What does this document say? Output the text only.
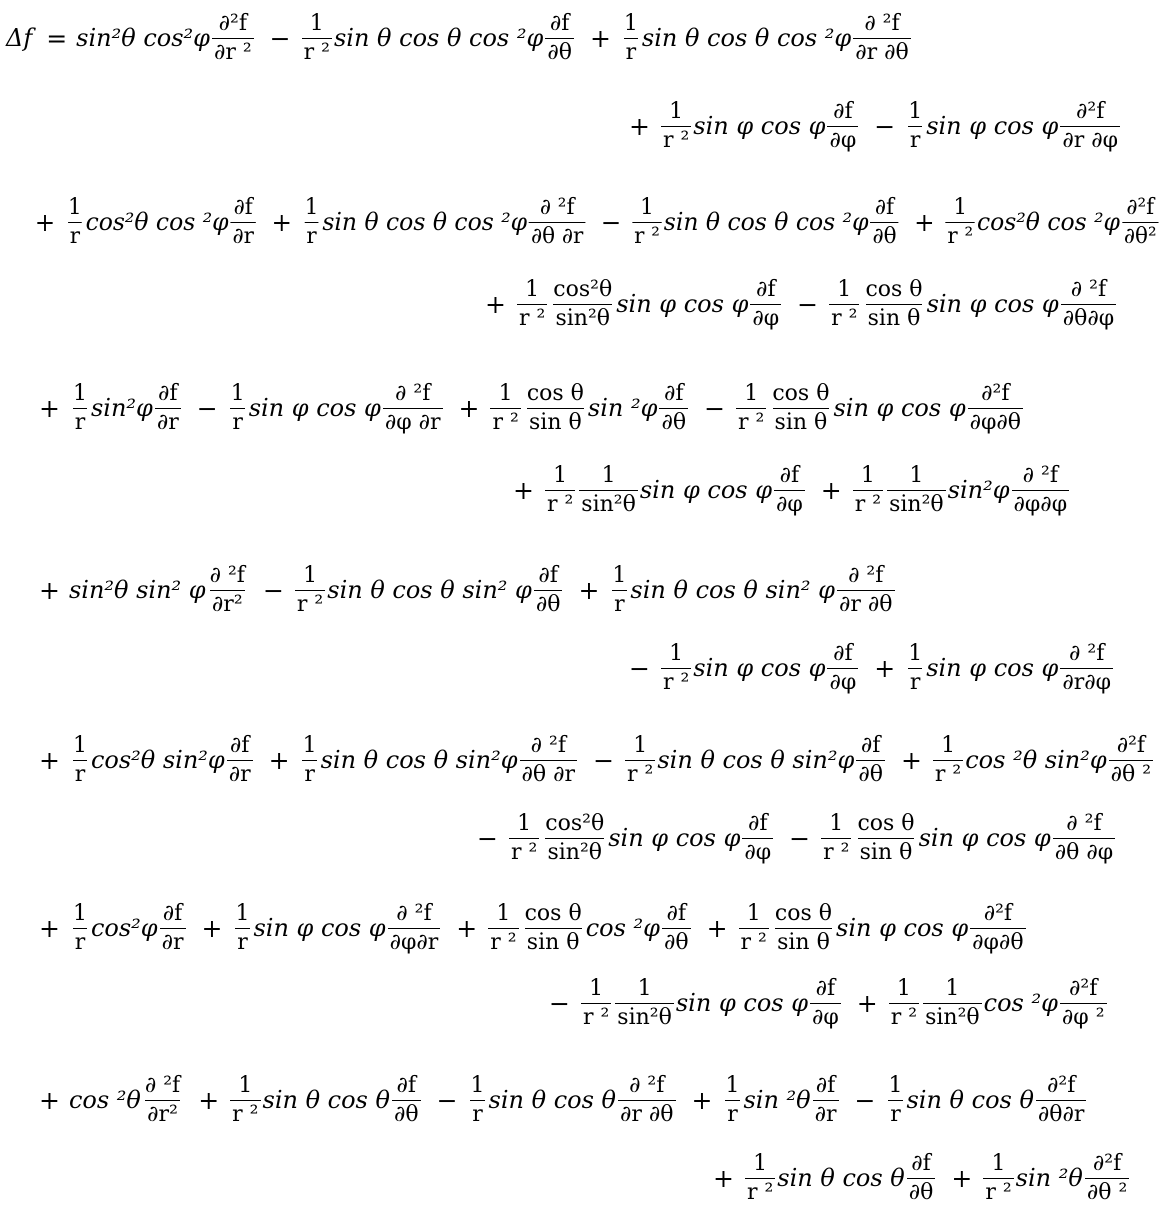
Δf = sin²θ $\cos^2\varphi \frac{\text{∂²f}}{\text{∂r ²}} - \frac{1}{\text{r ²}}$ sin θ cos θ $\cos ^2\varphi \frac{\partial f}{\partial\theta} + \frac{1}{r}$ sin θ cos θ $\cos ^2\varphi \frac{\text{∂ ²f}}{\partial r \partial\theta}$
+ $\frac{1}{\text{r ²}}$ sin φ cos φ $\frac{\partial f}{\partial\varphi} - \frac{1}{r}$ sin φ cos φ $\frac{\text{∂²f}}{\partial r \partial\varphi}$
+ $\frac{1}{r} \cos^2\theta$ $\cos ^2\varphi \frac{\partial f}{\partial r} + \frac{1}{r}$ sin θ cos θ $\cos ^2\varphi \frac{\text{∂ ²f}}{\partial\theta \partial r} - \frac{1}{\text{r ²}}$ sin θ cos θ $\cos ^2\varphi \frac{\partial f}{\partial\theta} + \frac{1}{\text{r ²}} \cos^2\theta$ $\cos ^2\varphi \frac{\text{∂²f}}{\text{∂θ²}}$
+ $\frac{1}{\text{r ²}} \frac{\text{cos²θ}}{\text{sin²θ}}$ sin φ cos φ $\frac{\partial f}{\partial\varphi} - \frac{1}{\text{r ²}} \frac{\text{cos θ}}{\text{sin θ}}$ sin φ cos φ $\frac{\text{∂ ²f}}{\partial\theta\partial\varphi}$
+ $\frac{1}{r} \sin^2\varphi \frac{\partial f}{\partial r} - \frac{1}{r}$ sin φ cos φ $\frac{\text{∂ ²f}}{\partial\varphi \partial r} + \frac{1}{\text{r ²}} \frac{\text{cos θ}}{\text{sin θ}}$ $\sin ^2\varphi \frac{\partial f}{\partial\theta} - \frac{1}{\text{r ²}} \frac{\text{cos θ}}{\text{sin θ}}$ sin φ cos φ $\frac{\text{∂²f}}{\partial\varphi\partial\theta}$
+ $\frac{1}{\text{r ²}} \frac{1}{\text{sin²θ}}$ sin φ cos φ $\frac{\partial f}{\partial\varphi} + \frac{1}{\text{r ²}} \frac{1}{\text{sin²θ}} \sin^2\varphi \frac{\text{∂ ²f}}{\partial\varphi\partial\varphi}$
+ sin²θ sin² φ $\frac{\text{∂ ²f}}{\text{∂r²}} - \frac{1}{\text{r ²}}$ sin θ cos θ sin² φ $\frac{\partial f}{\partial\theta} + \frac{1}{r}$ sin θ cos θ sin² φ $\frac{\text{∂ ²f}}{\partial r \partial\theta}$
− $\frac{1}{\text{r ²}}$ sin φ cos φ $\frac{\partial f}{\partial\varphi} + \frac{1}{r}$ sin φ cos φ $\frac{\text{∂ ²f}}{\partial r\partial\varphi}$
+ $\frac{1}{r} \cos^2\theta$ $\sin^2\varphi \frac{\partial f}{\partial r} + \frac{1}{r}$ sin θ cos θ $\sin^2\varphi \frac{\text{∂ ²f}}{\partial\theta \partial r} - \frac{1}{\text{r ²}}$ sin θ cos θ $\sin^2\varphi \frac{\partial f}{\partial\theta} + \frac{1}{\text{r ²}}$ cos ²θ $\sin^2\varphi \frac{\text{∂²f}}{\text{∂θ ²}}$
− $\frac{1}{\text{r ²}} \frac{\text{cos²θ}}{\text{sin²θ}}$ sin φ cos φ $\frac{\partial f}{\partial\varphi} - \frac{1}{\text{r ²}} \frac{\text{cos θ}}{\text{sin θ}}$ sin φ cos φ $\frac{\text{∂ ²f}}{\partial\theta \partial\varphi}$
+ $\frac{1}{r} \cos^2\varphi \frac{\partial f}{\partial r} + \frac{1}{r}$ sin φ cos φ $\frac{\text{∂ ²f}}{\partial\varphi\partial r} + \frac{1}{\text{r ²}} \frac{\text{cos θ}}{\text{sin θ}}$ $\cos ^2\varphi \frac{\partial f}{\partial\theta} + \frac{1}{\text{r ²}} \frac{\text{cos θ}}{\text{sin θ}}$ sin φ cos φ $\frac{\text{∂²f}}{\partial\varphi\partial\theta}$
− $\frac{1}{\text{r ²}} \frac{1}{\text{sin²θ}}$ sin φ cos φ $\frac{\partial f}{\partial\varphi} + \frac{1}{\text{r ²}} \frac{1}{\text{sin²θ}}$ $\cos ^2\varphi \frac{\text{∂²f}}{\text{∂φ ²}}$
+ $\cos ^2\theta \frac{\text{∂ ²f}}{\text{∂r²}} + \frac{1}{\text{r ²}}$ sin θ cos θ $\frac{\partial f}{\partial\theta} - \frac{1}{r}$ sin θ cos θ $\frac{\text{∂ ²f}}{\partial r \partial\theta} + \frac{1}{r}$ $\sin ^2\theta \frac{\partial f}{\partial r} - \frac{1}{r}$ sin θ cos θ $\frac{\text{∂²f}}{\partial\theta\partial r}$
+ $\frac{1}{\text{r ²}}$ sin θ cos θ $\frac{\partial f}{\partial\theta} + \frac{1}{\text{r ²}}$ $\sin ^2\theta \frac{\text{∂²f}}{\text{∂θ ²}}$
